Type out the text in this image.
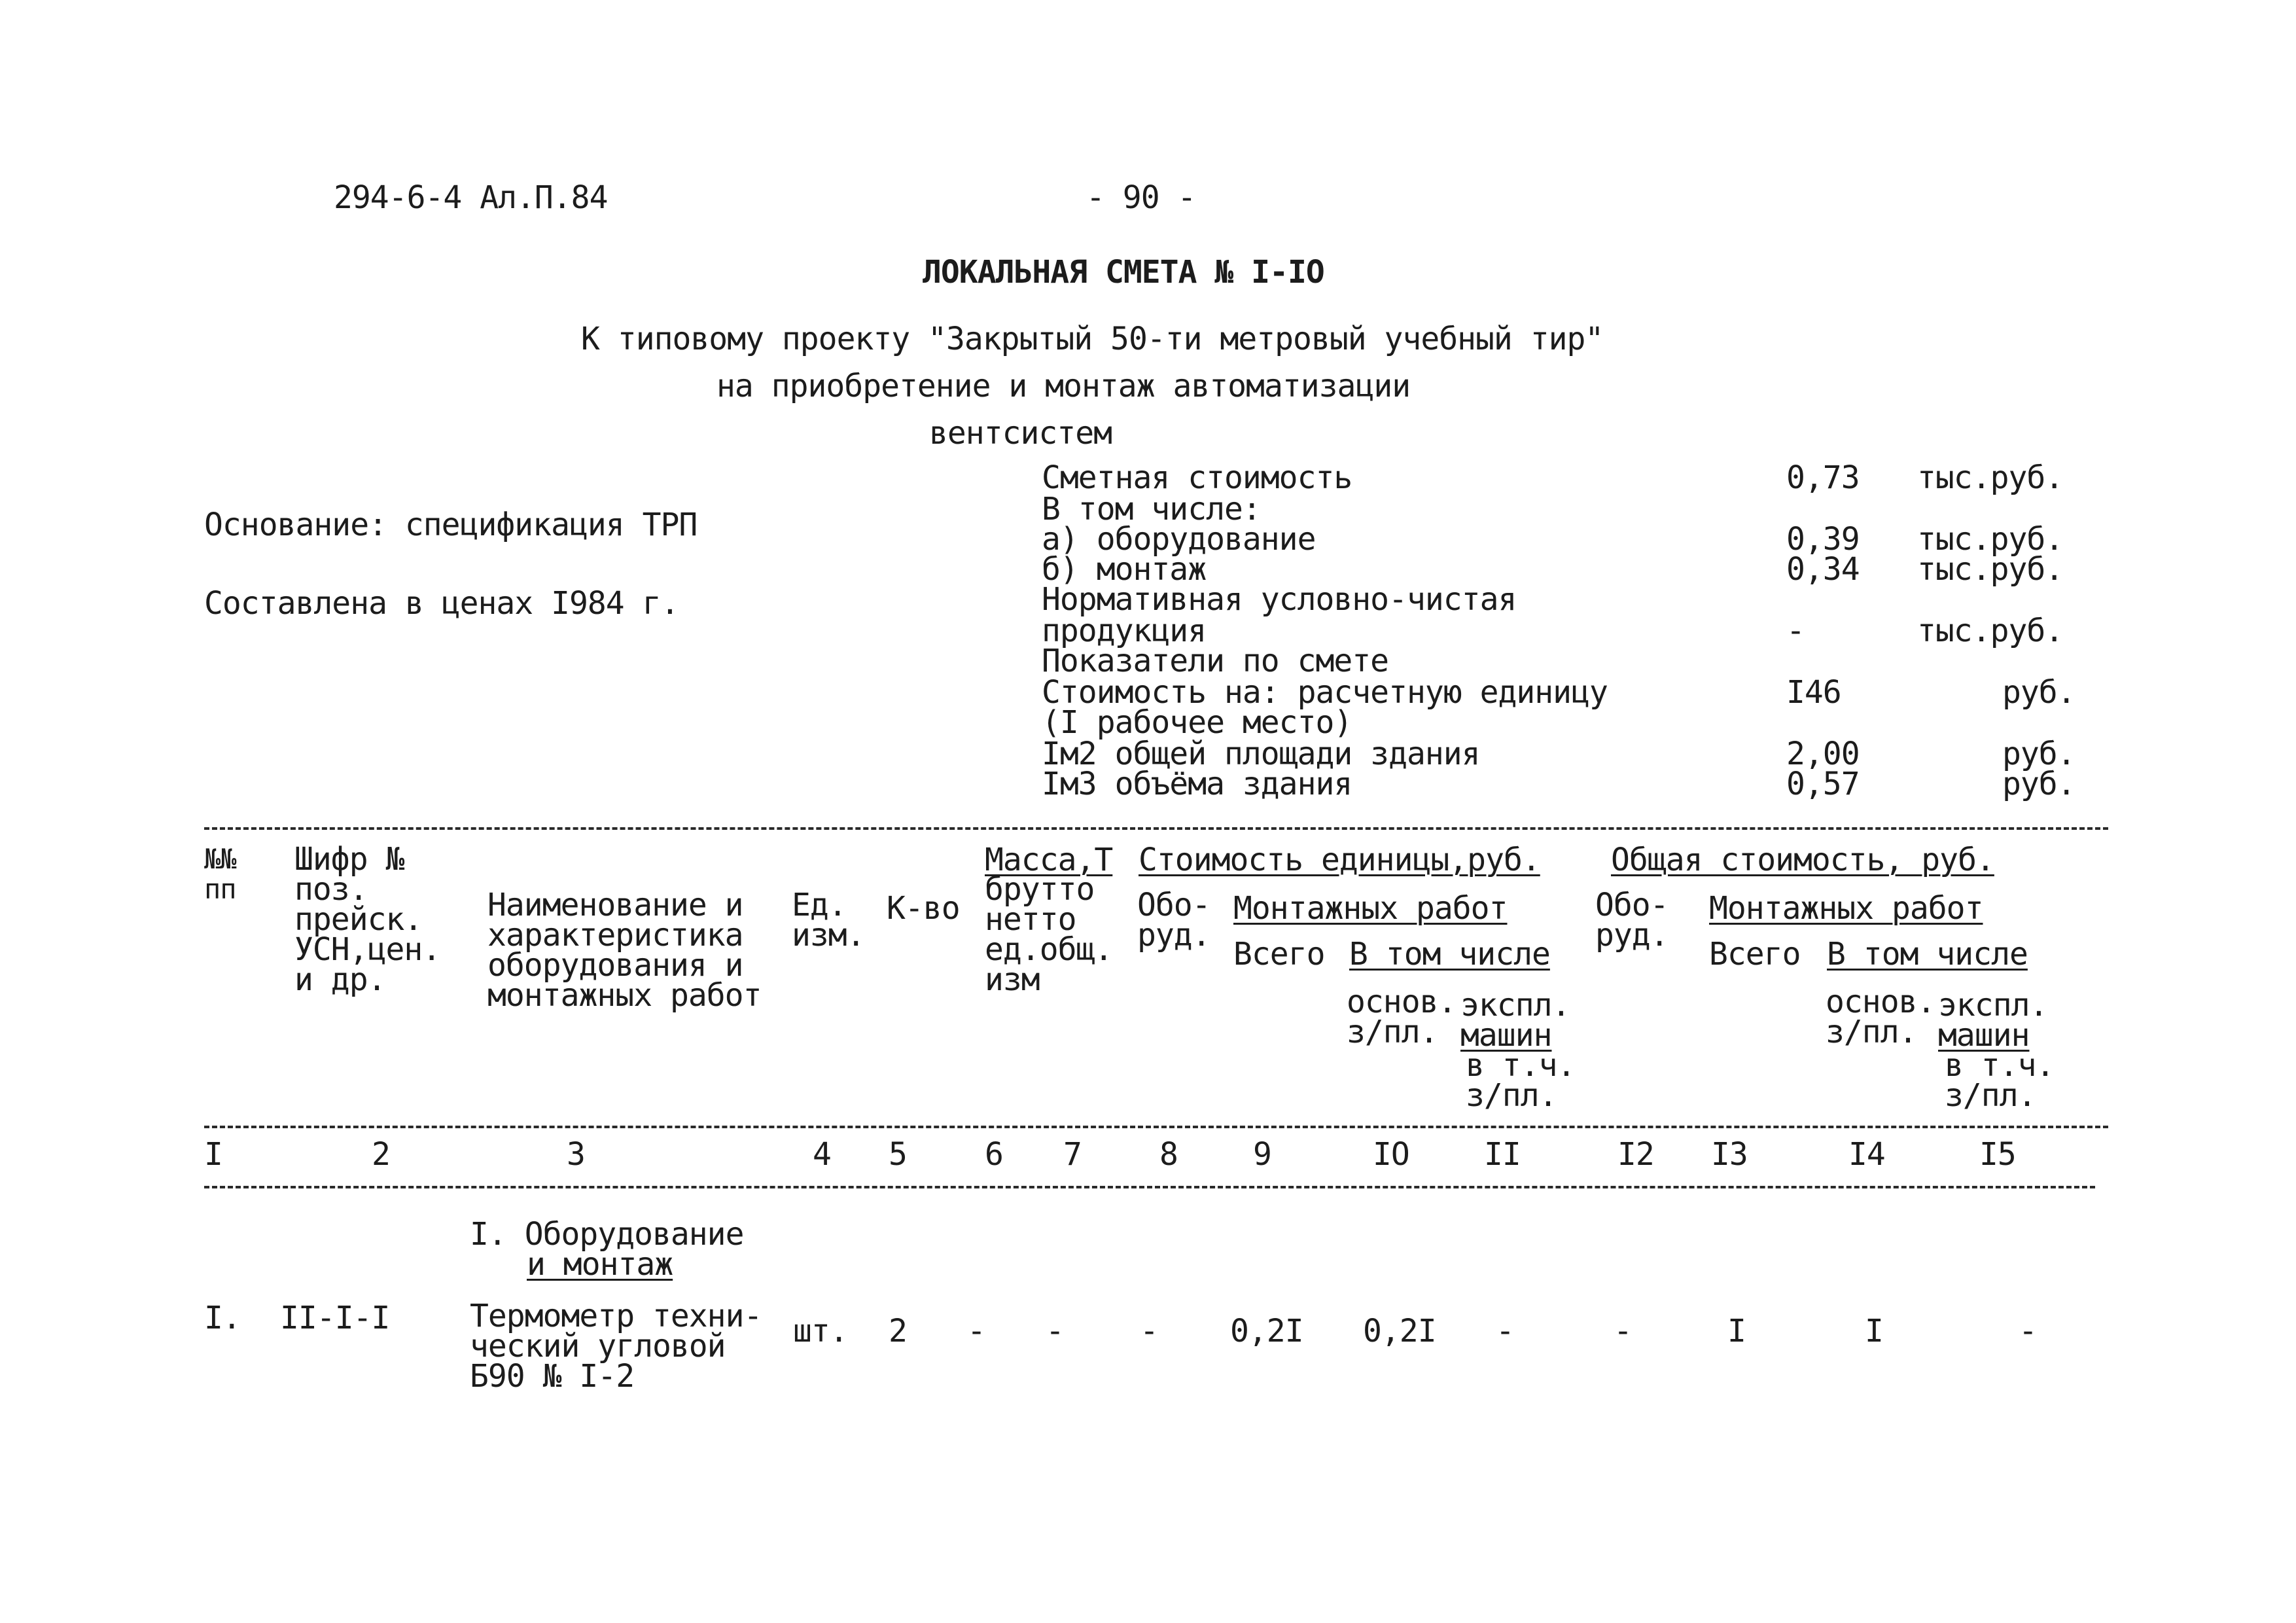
294-6-4 Ал.П.84	- 90 -
ЛОКАЛЬНАЯ СМЕТА № I-IO
К типовому проекту "Закрытый 50-ти метровый учебный тир"
на приобретение и монтаж автоматизации
вентсистем
Основание: спецификация ТРП
Составлена в ценах I984 г.
Сметная стоимость	0,73 тыс.руб.
В том числе:
а) оборудование	0,39 тыс.руб.
б) монтаж	0,34 тыс.руб.
Нормативная условно-чистая
продукция	-	тыс.руб.
Показатели по смете
Стоимость на: расчетную единицу	I46	руб.
(I рабочее место)
Iм2 общей площади здания	2,00	руб.
Iм3 объёма здания	0,57	руб.
№№
пп
Шифр №
поз.
прейск.
УСН,цен.
и др.
Наименование и
характеристика
оборудования и
монтажных работ
Ед.
изм.
К-во
Масса,Т
брутто
нетто
ед.общ.
изм
Стоимость единицы,руб.
Обо-
руд.
Монтажных работ
Всего В том числе
основ.
з/пл.
экспл.
машин
в т.ч.
з/пл.
Общая стоимость, руб.
Обо-
руд.
Монтажных работ
Всего В том числе
основ.
з/пл.
экспл.
машин
в т.ч.
з/пл.
I	2	3	4 5 6 7 8 9	IO II	I2 I3	I4	I5
I. Оборудование
и монтаж
I. II-I-I	Термометр техни-
ческий угловой
Б90 № I-2
шт. 2 - - - 0,2I 0,2I -	-	I	I	-
